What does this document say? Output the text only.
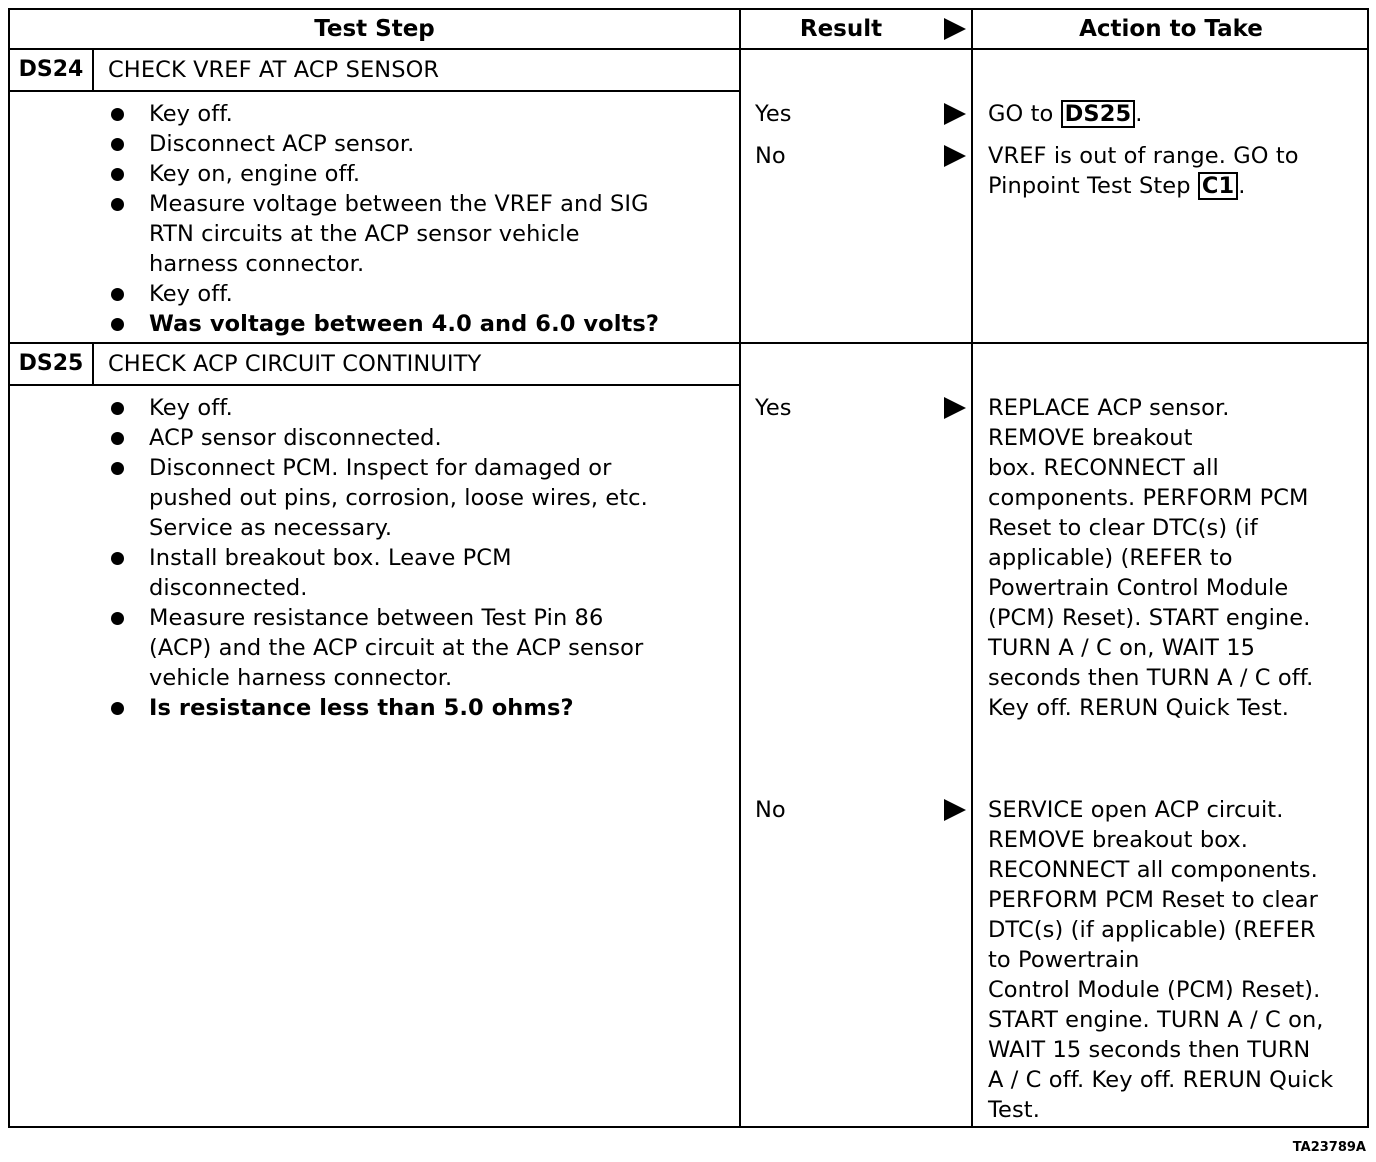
Test Step	Result	Action to Take
DS24	CHECK VREF AT ACP SENSOR
Key off.
Disconnect ACP sensor.
Key on, engine off.
Measure voltage between the VREF and SIG
RTN circuits at the ACP sensor vehicle
harness connector.
Key off.
Was voltage between 4.0 and 6.0 volts?
Yes	GO to DS25 .
No	VREF is out of range. GO to
Pinpoint Test Step C1 .
DS25	CHECK ACP CIRCUIT CONTINUITY
Key off.
ACP sensor disconnected.
Disconnect PCM. Inspect for damaged or
pushed out pins, corrosion, loose wires, etc.
Service as necessary.
Install breakout box. Leave PCM
disconnected.
Measure resistance between Test Pin 86
(ACP) and the ACP circuit at the ACP sensor
vehicle harness connector.
Is resistance less than 5.0 ohms?
Yes	REPLACE ACP sensor.
REMOVE breakout
box. RECONNECT all
components. PERFORM PCM
Reset to clear DTC(s) (if
applicable) (REFER to
Powertrain Control Module
(PCM) Reset). START engine.
TURN A / C on, WAIT 15
seconds then TURN A / C off.
Key off. RERUN Quick Test.
No	SERVICE open ACP circuit.
REMOVE breakout box.
RECONNECT all components.
PERFORM PCM Reset to clear
DTC(s) (if applicable) (REFER
to Powertrain
Control Module (PCM) Reset).
START engine. TURN A / C on,
WAIT 15 seconds then TURN
A / C off. Key off. RERUN Quick
Test.
TA23789A
